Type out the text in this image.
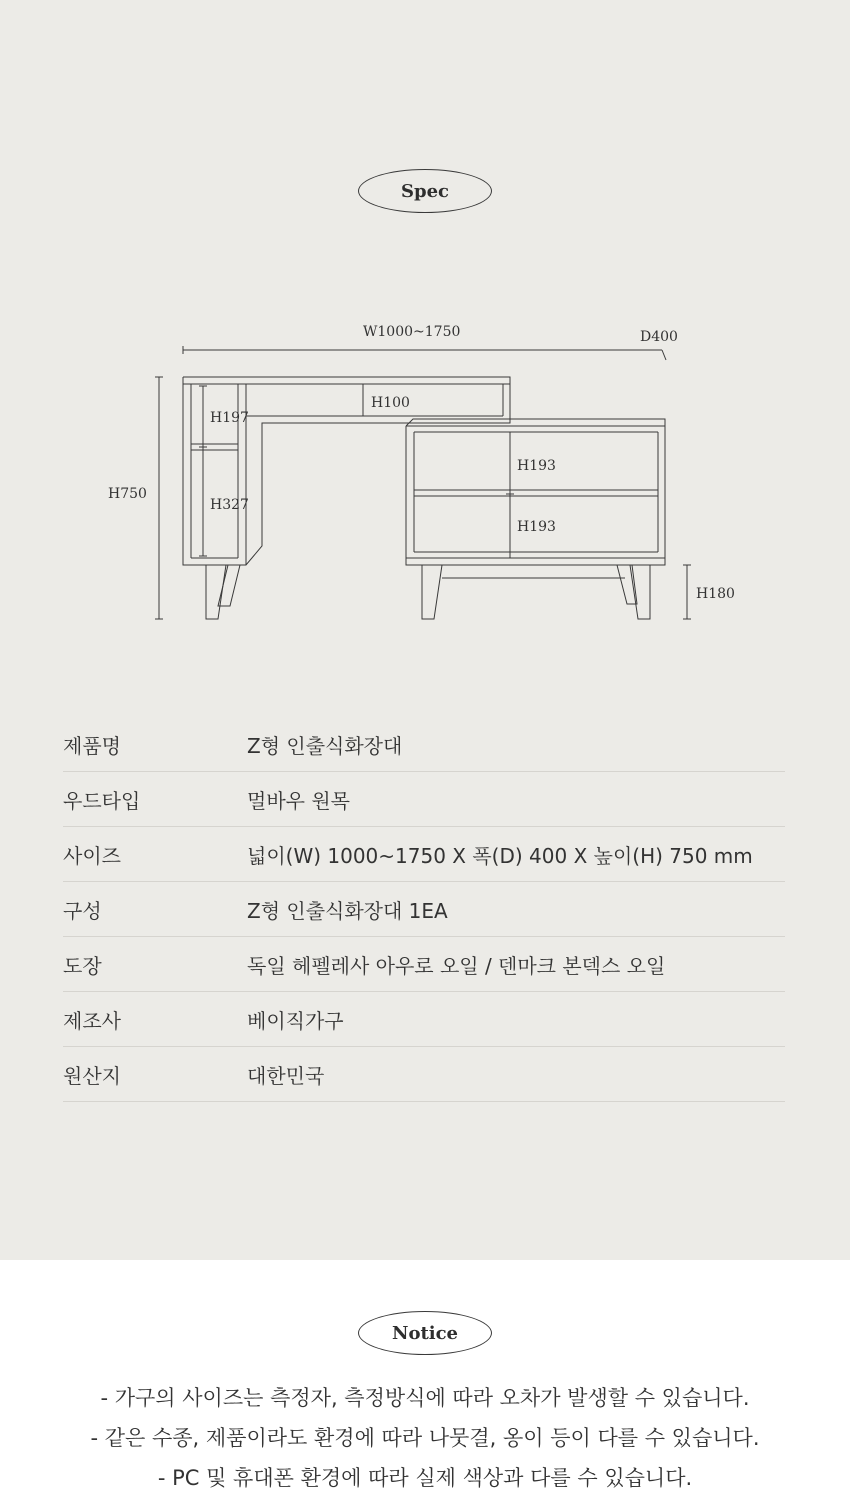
Spec
W1000~1750	D400
H750
H100
H197
H327
H193
H193
H180
제품명	Z형 인출식화장대
우드타입	멀바우 원목
사이즈	넓이(W) 1000~1750 X 폭(D) 400 X 높이(H) 750 mm
구성	Z형 인출식화장대 1EA
도장	독일 헤펠레사 아우로 오일 / 덴마크 본덱스 오일
제조사	베이직가구
원산지	대한민국
Notice
- 가구의 사이즈는 측정자, 측정방식에 따라 오차가 발생할 수 있습니다.
- 같은 수종, 제품이라도 환경에 따라 나뭇결, 옹이 등이 다를 수 있습니다.
- PC 및 휴대폰 환경에 따라 실제 색상과 다를 수 있습니다.
